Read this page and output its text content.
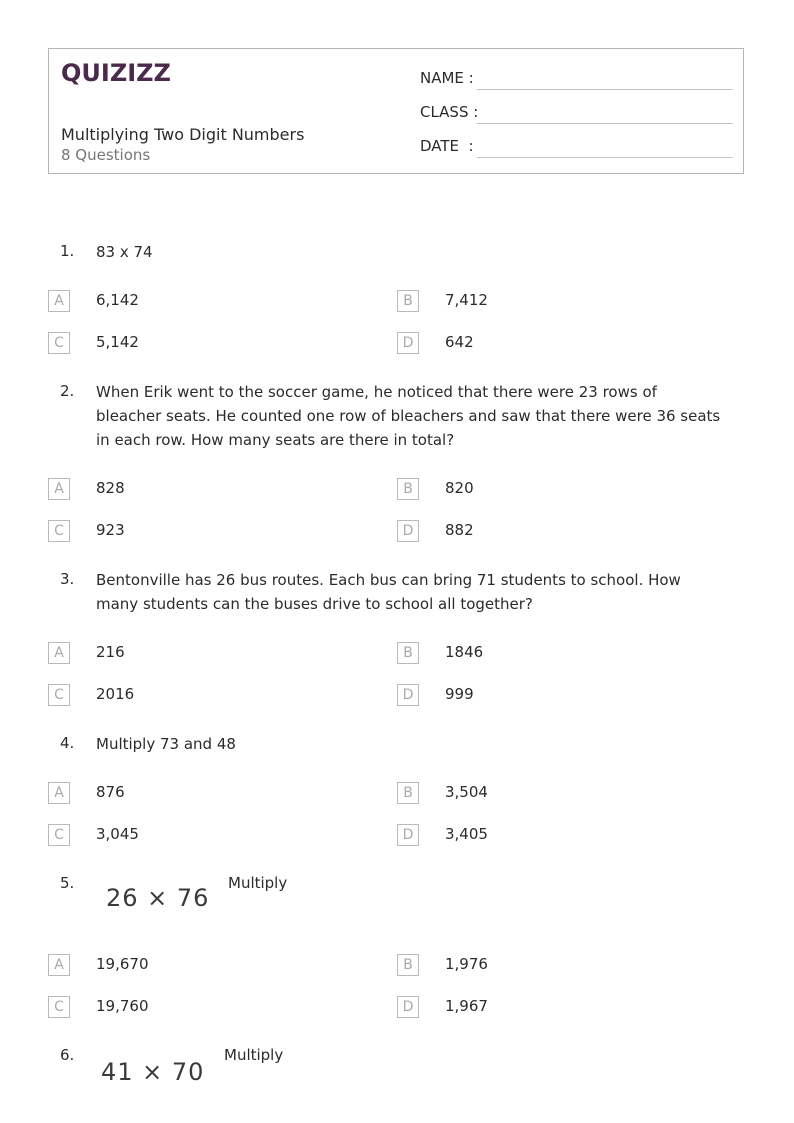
QUIZIZZ
Multiplying Two Digit Numbers
8 Questions
NAME :
CLASS :
DATE  :
1. 83 x 74
A	6,142	B	7,412
C	5,142	D	642
2. When Erik went to the soccer game, he noticed that there were 23 rows of bleacher seats. He counted one row of bleachers and saw that there were 36 seats in each row. How many seats are there in total?
A	828	B	820
C	923	D	882
3. Bentonville has 26 bus routes. Each bus can bring 71 students to school. How many students can the buses drive to school all together?
A	216	B	1846
C	2016	D	999
4. Multiply 73 and 48
A	876	B	3,504
C	3,045	D	3,405
5.
26 × 76
Multiply
A	19,670	B	1,976
C	19,760	D	1,967
6.
41 × 70
Multiply
